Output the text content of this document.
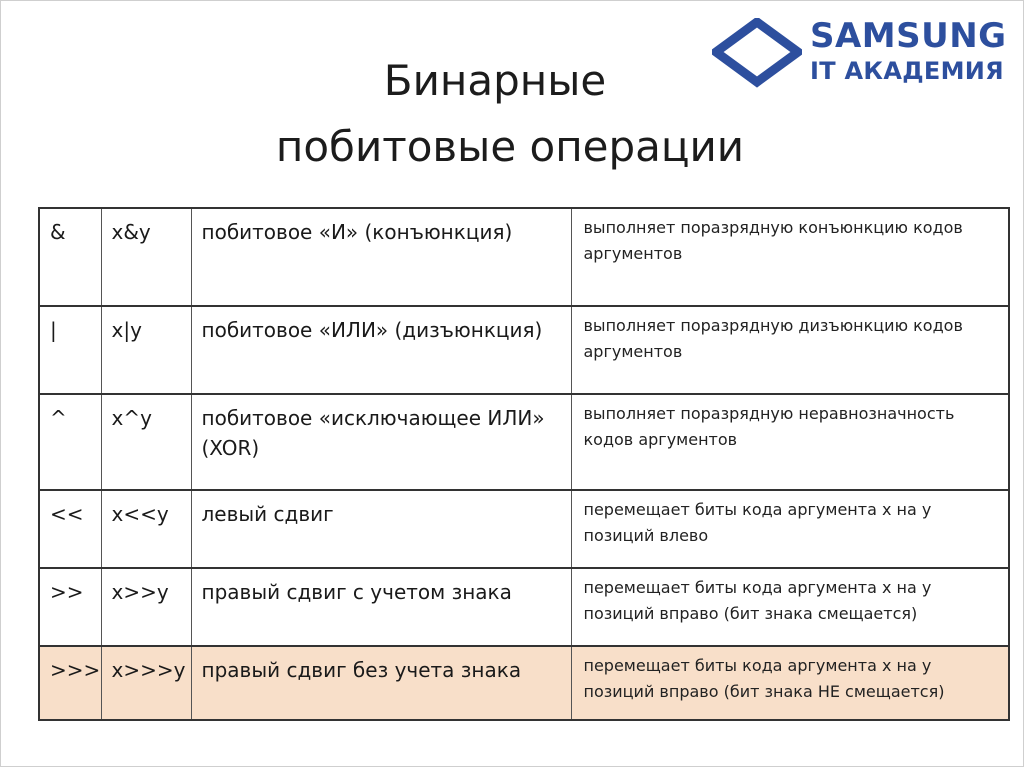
Бинарные
побитовые операции
SAMSUNG
IT АКАДЕМИЯ
&	x&y	побитовое «И» (конъюнкция)	выполняет поразрядную конъюнкцию кодов аргументов
|	x|y	побитовое «ИЛИ» (дизъюнкция)	выполняет поразрядную дизъюнкцию кодов аргументов
^	x^y	побитовое «исключающее ИЛИ» (XOR)	выполняет поразрядную неравнозначность кодов аргументов
<<	x<<y	левый сдвиг	перемещает биты кода аргумента x на y позиций влево
>>	x>>y	правый сдвиг с учетом знака	перемещает биты кода аргумента x на y позиций вправо (бит знака смещается)
>>>	x>>>y	правый сдвиг без учета знака	перемещает биты кода аргумента x на y позиций вправо (бит знака НЕ смещается)
